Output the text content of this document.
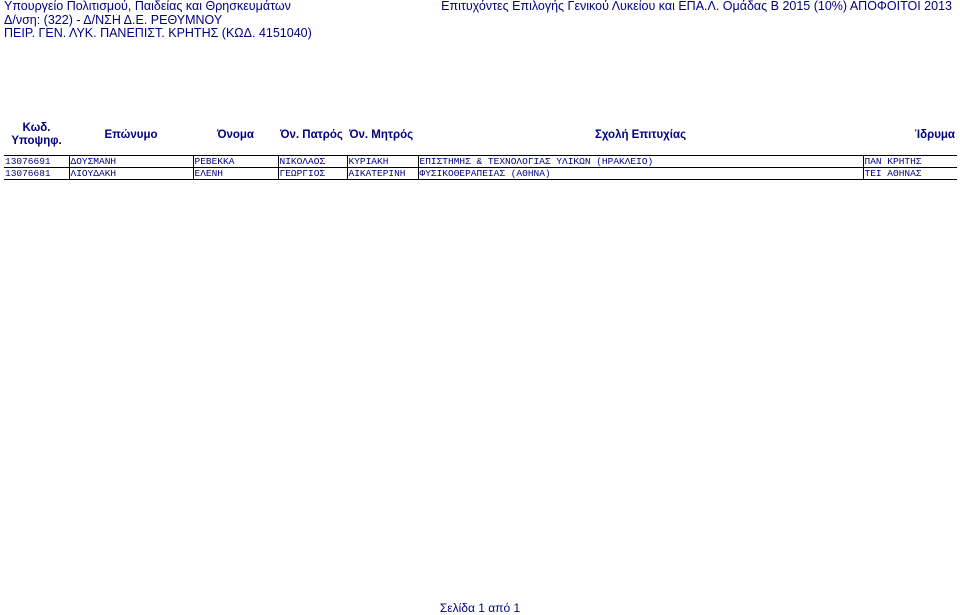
Υπουργείο Πολιτισμού, Παιδείας και Θρησκευμάτων
Δ/νση: (322) - Δ/ΝΣΗ Δ.Ε. ΡΕΘΥΜΝΟΥ
ΠΕΙΡ. ΓΕΝ. ΛΥΚ. ΠΑΝΕΠΙΣΤ. ΚΡΗΤΗΣ (ΚΩΔ. 4151040)
Επιτυχόντες Επιλογής Γενικού Λυκείου και ΕΠΑ.Λ. Ομάδας Β 2015 (10%) ΑΠΟΦΟΙΤΟΙ 2013
Κωδ.
Υποψηφ.	Επώνυμο	Όνομα	Όν. Πατρός	Όν. Μητρός	Σχολή Επιτυχίας	Ίδρυμα
13076691	ΔΟΥΣΜΑΝΗ	ΡΕΒΕΚΚΑ	ΝΙΚΟΛΑΟΣ	ΚΥΡΙΑΚΗ	ΕΠΙΣΤΗΜΗΣ & ΤΕΧΝΟΛΟΓΙΑΣ ΥΛΙΚΩΝ (ΗΡΑΚΛΕΙΟ)	ΠΑΝ ΚΡΗΤΗΣ
13076681	ΛΙΟΥΔΑΚΗ	ΕΛΕΝΗ	ΓΕΩΡΓΙΟΣ	ΑΙΚΑΤΕΡΙΝΗ	ΦΥΣΙΚΟΘΕΡΑΠΕΙΑΣ (ΑΘΗΝΑ)	ΤΕΙ ΑΘΗΝΑΣ
Σελίδα 1 από 1
